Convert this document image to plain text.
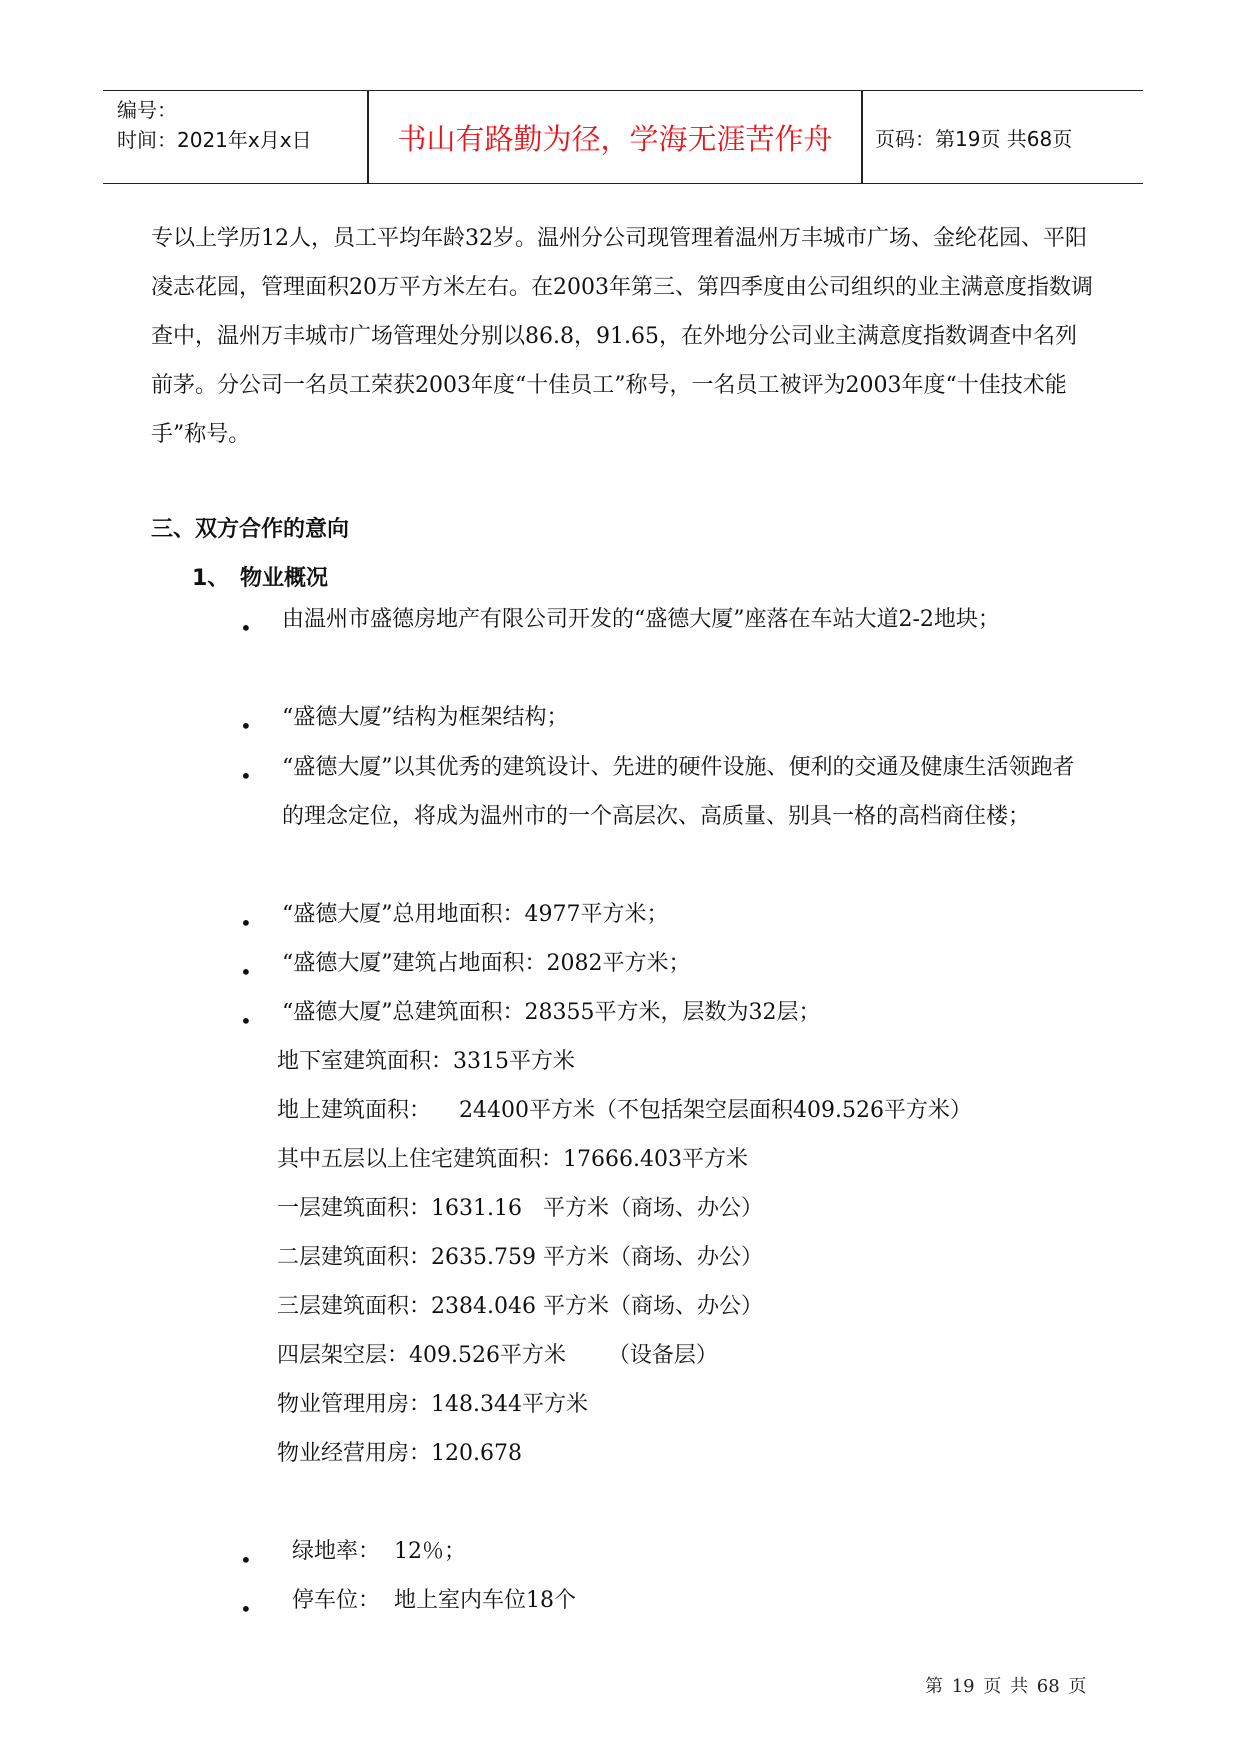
编号：
时间：2021年x月x日	书山有路勤为径，学海无涯苦作舟	页码：第19页 共68页

专以上学历12人，员工平均年龄32岁。温州分公司现管理着温州万丰城市广场、金纶花园、平阳凌志花园，管理面积20万平方米左右。在2003年第三、第四季度由公司组织的业主满意度指数调查中，温州万丰城市广场管理处分别以86.8，91.65，在外地分公司业主满意度指数调查中名列前茅。分公司一名员工荣获2003年度“十佳员工”称号，一名员工被评为2003年度“十佳技术能手”称号。

三、双方合作的意向
1、 物业概况
• 由温州市盛德房地产有限公司开发的“盛德大厦”座落在车站大道2-2地块；
• “盛德大厦”结构为框架结构；
• “盛德大厦”以其优秀的建筑设计、先进的硬件设施、便利的交通及健康生活领跑者的理念定位，将成为温州市的一个高层次、高质量、别具一格的高档商住楼；
• “盛德大厦”总用地面积：4977平方米；
• “盛德大厦”建筑占地面积：2082平方米；
• “盛德大厦”总建筑面积：28355平方米，层数为32层；
地下室建筑面积：3315平方米
地上建筑面积：    24400平方米（不包括架空层面积409.526平方米）
其中五层以上住宅建筑面积：17666.403平方米
一层建筑面积：1631.16   平方米（商场、办公）
二层建筑面积：2635.759 平方米（商场、办公）
三层建筑面积：2384.046 平方米（商场、办公）
四层架空层：409.526平方米      （设备层）
物业管理用房：148.344平方米
物业经营用房：120.678
• 绿地率：  12％；
• 停车位：  地上室内车位18个
第 19 页 共 68 页
